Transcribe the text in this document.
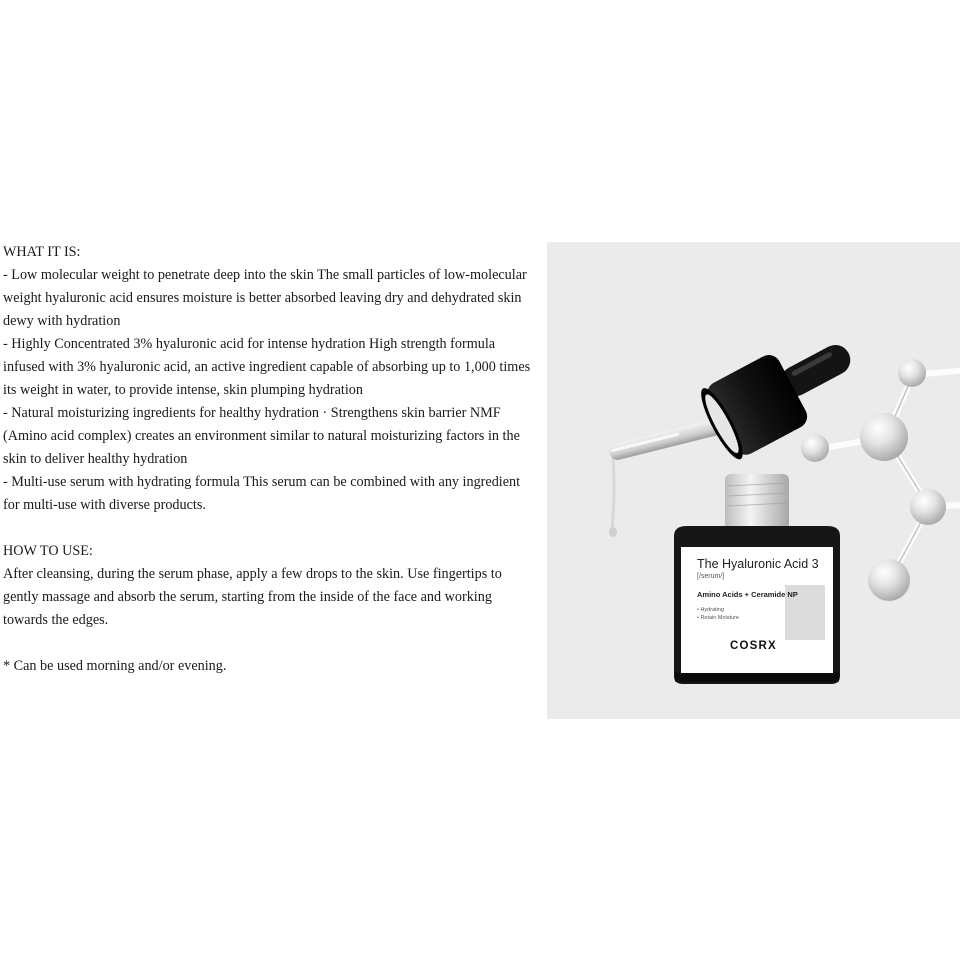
WHAT IT IS:

- Low molecular weight to penetrate deep into the skin The small particles of low-molecular weight hyaluronic acid ensures moisture is better absorbed leaving dry and dehydrated skin dewy with hydration

- Highly Concentrated 3% hyaluronic acid for intense hydration High strength formula infused with 3% hyaluronic acid, an active ingredient capable of absorbing up to 1,000 times its weight in water, to provide intense, skin plumping hydration

- Natural moisturizing ingredients for healthy hydration · Strengthens skin barrier NMF (Amino acid complex) creates an environment similar to natural moisturizing factors in the skin to deliver healthy hydration

- Multi-use serum with hydrating formula This serum can be combined with any ingredient for multi-use with diverse products.

HOW TO USE:

After cleansing, during the serum phase, apply a few drops to the skin. Use fingertips to gently massage and absorb the serum, starting from the inside of the face and working towards the edges.

* Can be used morning and/or evening.

The Hyaluronic Acid 3
[/serum/]
Amino Acids + Ceramide NP
• Hydrating
• Retain Moisture
COSRX
